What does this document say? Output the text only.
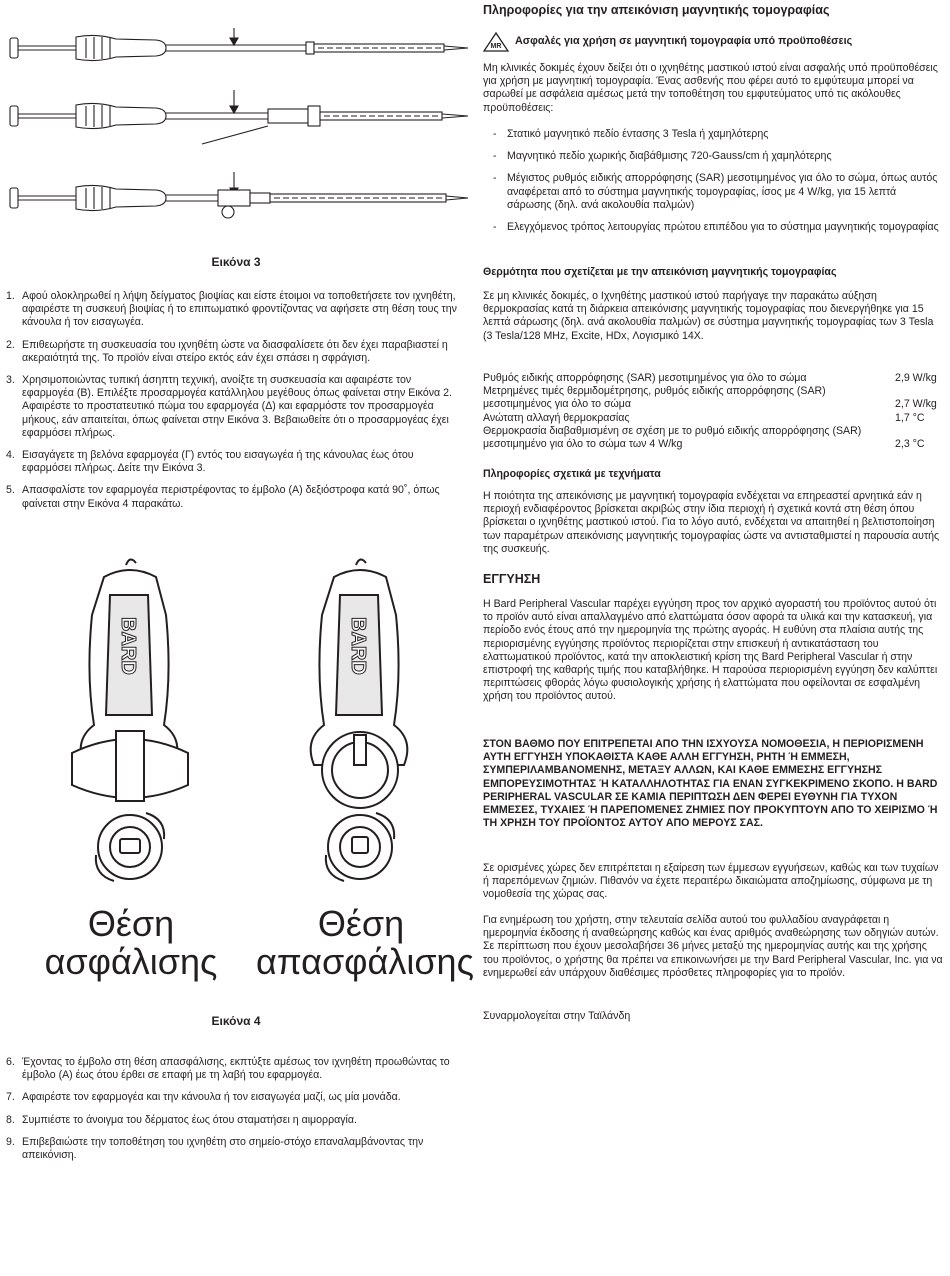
Εικόνα 3
1. Αφού ολοκληρωθεί η λήψη δείγματος βιοψίας και είστε έτοιμοι να τοποθετήσετε τον ιχνηθέτη, αφαιρέστε τη συσκευή βιοψίας ή το επιπωματικό φροντίζοντας να αφήσετε στη θέση τους την κάνουλα ή τον εισαγωγέα.
2. Επιθεωρήστε τη συσκευασία του ιχνηθέτη ώστε να διασφαλίσετε ότι δεν έχει παραβιαστεί η ακεραιότητά της. Το προϊόν είναι στείρο εκτός εάν έχει σπάσει η σφράγιση.
3. Χρησιμοποιώντας τυπική άσηπτη τεχνική, ανοίξτε τη συσκευασία και αφαιρέστε τον εφαρμογέα (Β). Επιλέξτε προσαρμογέα κατάλληλου μεγέθους όπως φαίνεται στην Εικόνα 2. Αφαιρέστε το προστατευτικό πώμα του εφαρμογέα (Δ) και εφαρμόστε τον προσαρμογέα μήκους, εάν απαιτείται, όπως φαίνεται στην Εικόνα 3. Βεβαιωθείτε ότι ο προσαρμογέας έχει εφαρμόσει πλήρως.
4. Εισαγάγετε τη βελόνα εφαρμογέα (Γ) εντός του εισαγωγέα ή της κάνουλας έως ότου εφαρμόσει πλήρως. Δείτε την Εικόνα 3.
5. Απασφαλίστε τον εφαρμογέα περιστρέφοντας το έμβολο (Α) δεξιόστροφα κατά 90˚, όπως φαίνεται στην Εικόνα 4 παρακάτω.
BARD	BARD
Θέση
ασφάλισης
Θέση
απασφάλισης
Εικόνα 4
6. Έχοντας το έμβολο στη θέση απασφάλισης, εκπτύξτε αμέσως τον ιχνηθέτη προωθώντας το έμβολο (Α) έως ότου έρθει σε επαφή με τη λαβή του εφαρμογέα.
7. Αφαιρέστε τον εφαρμογέα και την κάνουλα ή τον εισαγωγέα μαζί, ως μία μονάδα.
8. Συμπιέστε το άνοιγμα του δέρματος έως ότου σταματήσει η αιμορραγία.
9. Επιβεβαιώστε την τοποθέτηση του ιχνηθέτη στο σημείο-στόχο επαναλαμβάνοντας την απεικόνιση.
Πληροφορίες για την απεικόνιση μαγνητικής τομογραφίας
MR Ασφαλές για χρήση σε μαγνητική τομογραφία υπό προϋποθέσεις

Μη κλινικές δοκιμές έχουν δείξει ότι ο ιχνηθέτης μαστικού ιστού είναι ασφαλής υπό προϋποθέσεις για χρήση με μαγνητική τομογραφία. Ένας ασθενής που φέρει αυτό το εμφύτευμα μπορεί να σαρωθεί με ασφάλεια αμέσως μετά την τοποθέτηση του εμφυτεύματος υπό τις ακόλουθες προϋποθέσεις:

- Στατικό μαγνητικό πεδίο έντασης 3 Tesla ή χαμηλότερης
- Μαγνητικό πεδίο χωρικής διαβάθμισης 720-Gauss/cm ή χαμηλότερης
- Μέγιστος ρυθμός ειδικής απορρόφησης (SAR) μεσοτιμημένος για όλο το σώμα, όπως αυτός αναφέρεται από το σύστημα μαγνητικής τομογραφίας, ίσος με 4 W/kg, για 15 λεπτά σάρωσης (δηλ. ανά ακολουθία παλμών)
- Ελεγχόμενος τρόπος λειτουργίας πρώτου επιπέδου για το σύστημα μαγνητικής τομογραφίας
Θερμότητα που σχετίζεται με την απεικόνιση μαγνητικής τομογραφίας

Σε μη κλινικές δοκιμές, ο Ιχνηθέτης μαστικού ιστού παρήγαγε την παρακάτω αύξηση θερμοκρασίας κατά τη διάρκεια απεικόνισης μαγνητικής τομογραφίας που διενεργήθηκε για 15 λεπτά σάρωσης (δηλ. ανά ακολουθία παλμών) σε σύστημα μαγνητικής τομογραφίας των 3 Tesla (3 Tesla/128 MHz, Excite, HDx, Λογισμικό 14X.

Ρυθμός ειδικής απορρόφησης (SAR) μεσοτιμημένος για όλο το σώμα	2,9 W/kg
Μετρημένες τιμές θερμιδομέτρησης, ρυθμός ειδικής απορρόφησης (SAR) μεσοτιμημένος για όλο το σώμα	2,7 W/kg
Ανώτατη αλλαγή θερμοκρασίας	1,7 °C
Θερμοκρασία διαβαθμισμένη σε σχέση με το ρυθμό ειδικής απορρόφησης (SAR) μεσοτιμημένο για όλο το σώμα των 4 W/kg	2,3 °C
Πληροφορίες σχετικά με τεχνήματα

Η ποιότητα της απεικόνισης με μαγνητική τομογραφία ενδέχεται να επηρεαστεί αρνητικά εάν η περιοχή ενδιαφέροντος βρίσκεται ακριβώς στην ίδια περιοχή ή σχετικά κοντά στη θέση όπου βρίσκεται ο ιχνηθέτης μαστικού ιστού. Για το λόγο αυτό, ενδέχεται να απαιτηθεί η βελτιστοποίηση των παραμέτρων απεικόνισης μαγνητικής τομογραφίας ώστε να αντισταθμιστεί η παρουσία αυτής της συσκευής.

ΕΓΓΥΗΣΗ

Η Bard Peripheral Vascular παρέχει εγγύηση προς τον αρχικό αγοραστή του προϊόντος αυτού ότι το προϊόν αυτό είναι απαλλαγμένο από ελαττώματα όσον αφορά τα υλικά και την κατασκευή, για περίοδο ενός έτους από την ημερομηνία της πρώτης αγοράς. Η ευθύνη στα πλαίσια αυτής της περιορισμένης εγγύησης προϊόντος περιορίζεται στην επισκευή ή αντικατάσταση του ελαττωματικού προϊόντος, κατά την αποκλειστική κρίση της Bard Peripheral Vascular ή στην επιστροφή της καθαρής τιμής που καταβλήθηκε. Η παρούσα περιορισμένη εγγύηση δεν καλύπτει περιπτώσεις φθοράς λόγω φυσιολογικής χρήσης ή ελαττώματα που οφείλονται σε εσφαλμένη χρήση του προϊόντος αυτού.

ΣΤΟΝ ΒΑΘΜΟ ΠΟΥ ΕΠΙΤΡΕΠΕΤΑΙ ΑΠΟ ΤΗΝ ΙΣΧΥΟΥΣΑ ΝΟΜΟΘΕΣΙΑ, Η ΠΕΡΙΟΡΙΣΜΕΝΗ ΑΥΤΗ ΕΓΓΥΗΣΗ ΥΠΟΚΑΘΙΣΤΑ ΚΑΘΕ ΑΛΛΗ ΕΓΓΥΗΣΗ, ΡΗΤΗ Ή ΕΜΜΕΣΗ, ΣΥΜΠΕΡΙΛΑΜΒΑΝΟΜΕΝΗΣ, ΜΕΤΑΞΥ ΑΛΛΩΝ, ΚΑΙ ΚΑΘΕ ΕΜΜΕΣΗΣ ΕΓΓΥΗΣΗΣ ΕΜΠΟΡΕΥΣΙΜΟΤΗΤΑΣ Ή ΚΑΤΑΛΛΗΛΟΤΗΤΑΣ ΓΙΑ ΕΝΑΝ ΣΥΓΚΕΚΡΙΜΕΝΟ ΣΚΟΠΟ. Η BARD PERIPHERAL VASCULAR ΣΕ ΚΑΜΙΑ ΠΕΡΙΠΤΩΣΗ ΔΕΝ ΦΕΡΕΙ ΕΥΘΥΝΗ ΓΙΑ ΤΥΧΟΝ ΕΜΜΕΣΕΣ, ΤΥΧΑΙΕΣ Ή ΠΑΡΕΠΟΜΕΝΕΣ ΖΗΜΙΕΣ ΠΟΥ ΠΡΟΚΥΠΤΟΥΝ ΑΠΟ ΤΟ ΧΕΙΡΙΣΜΟ Ή ΤΗ ΧΡΗΣΗ ΤΟΥ ΠΡΟΪΟΝΤΟΣ ΑΥΤΟΥ ΑΠΟ ΜΕΡΟΥΣ ΣΑΣ.

Σε ορισμένες χώρες δεν επιτρέπεται η εξαίρεση των έμμεσων εγγυήσεων, καθώς και των τυχαίων ή παρεπόμενων ζημιών. Πιθανόν να έχετε περαιτέρω δικαιώματα αποζημίωσης, σύμφωνα με τη νομοθεσία της χώρας σας.

Για ενημέρωση του χρήστη, στην τελευταία σελίδα αυτού του φυλλαδίου αναγράφεται η ημερομηνία έκδοσης ή αναθεώρησης καθώς και ένας αριθμός αναθεώρησης των οδηγιών αυτών. Σε περίπτωση που έχουν μεσολαβήσει 36 μήνες μεταξύ της ημερομηνίας αυτής και της χρήσης του προϊόντος, ο χρήστης θα πρέπει να επικοινωνήσει με την Bard Peripheral Vascular, Inc. για να ενημερωθεί εάν υπάρχουν διαθέσιμες πρόσθετες πληροφορίες για το προϊόν.

Συναρμολογείται στην Ταϊλάνδη
